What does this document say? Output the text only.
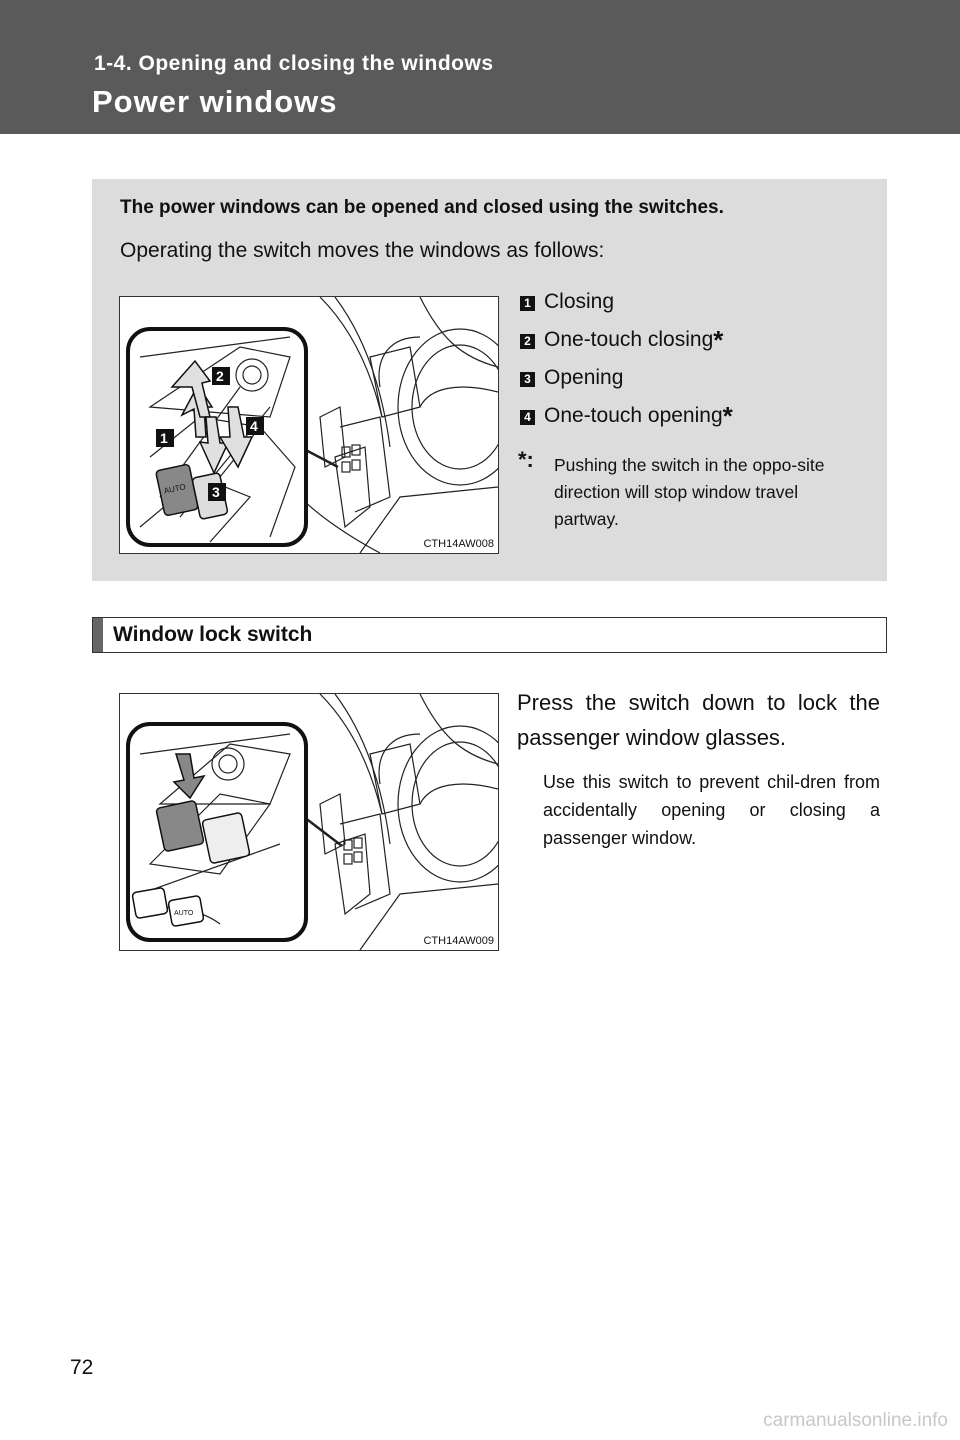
1-4. Opening and closing the windows
Power windows
The power windows can be opened and closed using the switches.
Operating the switch moves the windows as follows:
AUTO
2
1
4
3
CTH14AW008
1 Closing
2 One-touch closing *
3 Opening
4 One-touch opening *
*: Pushing the switch in the oppo-site direction will stop window travel partway.
Window lock switch
AUTO
CTH14AW009
Press the switch down to lock the passenger window glasses.
Use this switch to prevent chil-dren from accidentally opening or closing a passenger window.
72
carmanualsonline.info
